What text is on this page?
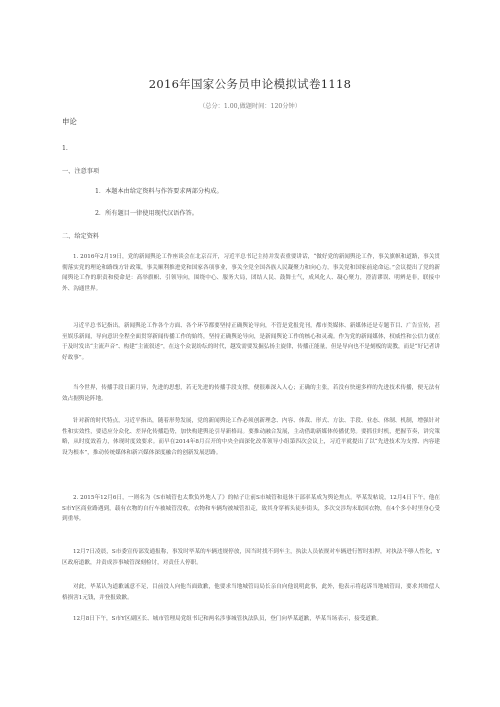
2016年国家公务员申论模拟试卷1118
（总分：1.00,做题时间：120分钟）
申论
1.
一、注意事项
1．本题本由给定资料与作答要求两部分构成。
2．所有题目一律使用现代汉语作答。
二、给定资料

1. 2016年2月19日，党的新闻舆论工作座谈会在北京召开，习近平总书记主持并发表重要讲话，“做好党的新闻舆论工作，事关旗帜和道路，事关贯彻落实党的理论和路线方针政策，事关顺利推进党和国家各项事业，事关全党全国各族人民凝聚力和向心力，事关党和国家前途命运。”会议提出了党的新闻舆论工作的职责和使命是：高举旗帜、引领导向，围绕中心、服务大局，团结人民、鼓舞士气，成风化人、凝心聚力，澄清谬误、明辨是非，联接中外、沟通世界。

习近平总书记指出，新闻舆论工作各个方面、各个环节都要坚持正确舆论导向，不管是党报党刊，都市类媒体、新媒体还是专题节目、广告宣传，甚至娱乐新闻，导向意识全程全面贯穿新闻传播工作的始终，坚持正确舆论导向，是新闻舆论工作的核心和灵魂。作为党的新闻媒体，权威性和公信力就在于及时发出“主流声音”、构建“主流叙述”，在这个众说纷纭的时代，越发需要发掘弘扬主旋律，传播正能量，但是导向也不是刻板的说教，而是“好记者讲好故事”。

当今世界，传播手段日新月异，先进的思想，若无先进的传播手段支撑，便很难深入人心；正确的主张，若没有快速多样的先进技术传播，便无法有效占据舆论阵地。

针对新的时代特点，习近平指出，随着形势发展，党的新闻舆论工作必须创新理念、内容、体裁、形式、方法、手段、业态、体制、机制，增强针对性和实效性，要适应分众化、差异化传播趋势，加快构建舆论引导新格局。要推动融合发展，主动借助新媒体传播优势。要抓住时机，把握节奏，讲究策略，从时度效着力，体现时度效要求。而早在2014年8月召开的中央全面深化改革领导小组第四次会议上，习近平就提出了以“先进技术为支撑、内容建设为根本”，推动传统媒体和新兴媒体深度融合的创新发展思路。

2. 2015年12月6日，一则名为《S市城管也太欺负外地人了》的帖子让前S市城管和退休干部率某成为舆论焦点。毕某发帖说，12月4日下午，他在S市Y区商业路遇到，载有衣物的自行车被城管没收，衣物和车辆均被城管扣走，致其身穿裤头徒步街头，多次交涉均未取回衣物，在4个多小时里身心受到重辱。

12月7日凌晨，S市委宣传部发通报称，事发时毕某的车辆违规停放，因当时找不到车主，执法人员依规对车辆进行暂时扣押，对执法不够人性化，Y区政府道歉，并责成涉事城管深刻检讨，对责任人停职。

对此，毕某认为道歉诚意不足，目前没人向他当面致歉，他要求当地城管局局长亲自向他说明此事，此外，他表示将起诉当地城管局，要求其赔偿人格损害1元钱，并登报致歉。

12月8日下午，S市Y区副区长、城市管理局党组书记和两名涉事城管执法队员，登门向毕某道歉，毕某当场表示，接受道歉。
